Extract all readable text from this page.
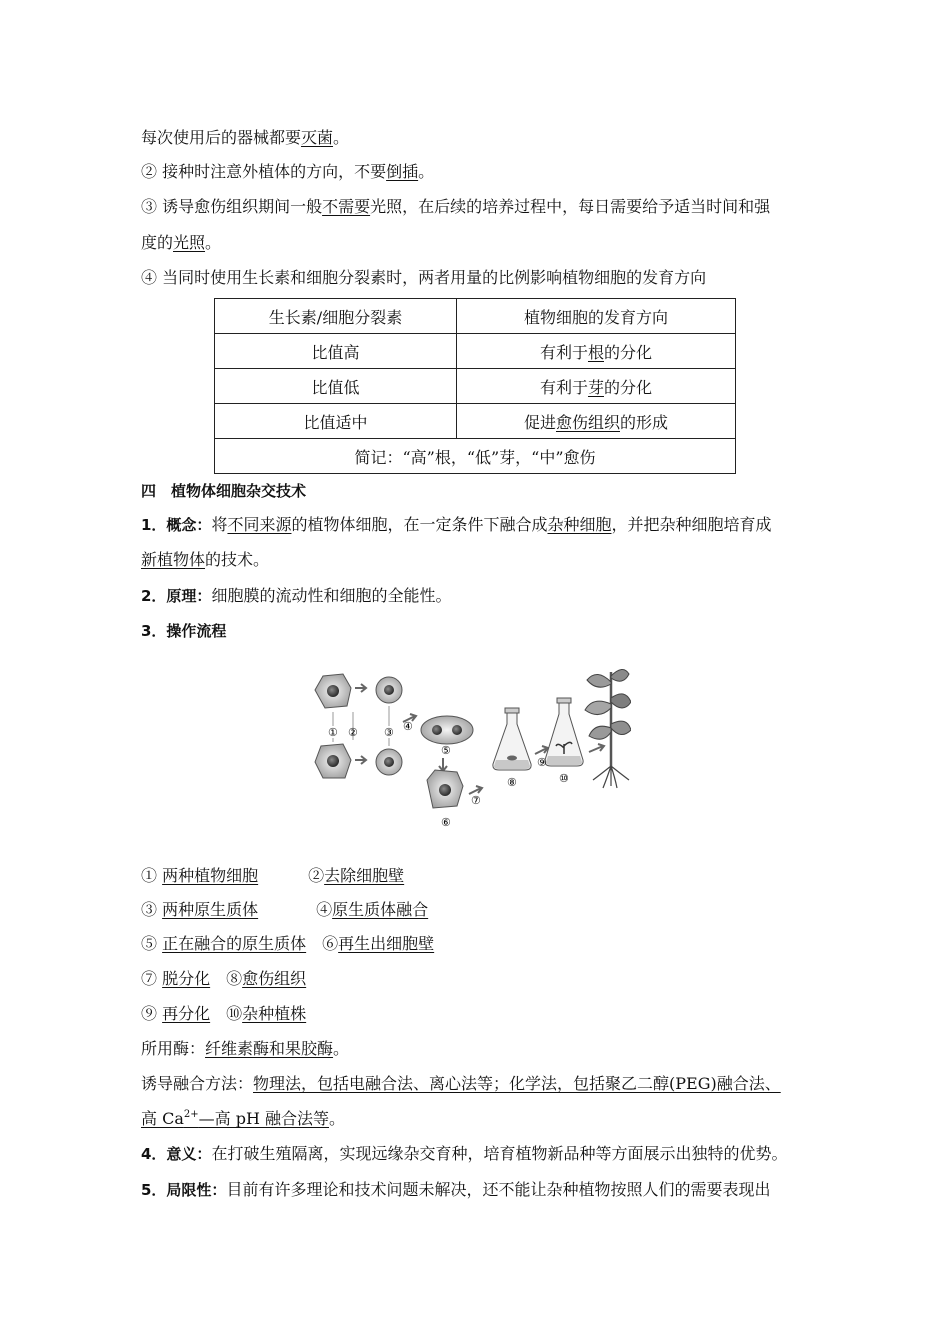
每次使用后的器械都要灭菌。
② 接种时注意外植体的方向，不要倒插。
③ 诱导愈伤组织期间一般不需要光照，在后续的培养过程中，每日需要给予适当时间和强
度的光照。
④ 当同时使用生长素和细胞分裂素时，两者用量的比例影响植物细胞的发育方向
生长素/细胞分裂素	植物细胞的发育方向
比值高	有利于根的分化
比值低	有利于芽的分化
比值适中	促进愈伤组织的形成
简记：“高”根，“低”芽，“中”愈伤	
四　植物体细胞杂交技术
1．概念：将不同来源的植物体细胞，在一定条件下融合成杂种细胞，并把杂种细胞培育成
新植物体的技术。
2．原理：细胞膜的流动性和细胞的全能性。
3．操作流程
① ② ③ ④
⑤
⑥
⑦
⑧
⑨
⑩
① 两种植物细胞	②去除细胞壁
③ 两种原生质体	④原生质体融合
⑤ 正在融合的原生质体 ⑥再生出细胞壁
⑦ 脱分化 ⑧愈伤组织
⑨ 再分化 ⑩杂种植株
所用酶：纤维素酶和果胶酶。
诱导融合方法：物理法，包括电融合法、离心法等；化学法，包括聚乙二醇(PEG)融合法、
高 $Ca^{2+}—$高 pH 融合法等。
4．意义：在打破生殖隔离，实现远缘杂交育种，培育植物新品种等方面展示出独特的优势。
5．局限性：目前有许多理论和技术问题未解决，还不能让杂种植物按照人们的需要表现出
